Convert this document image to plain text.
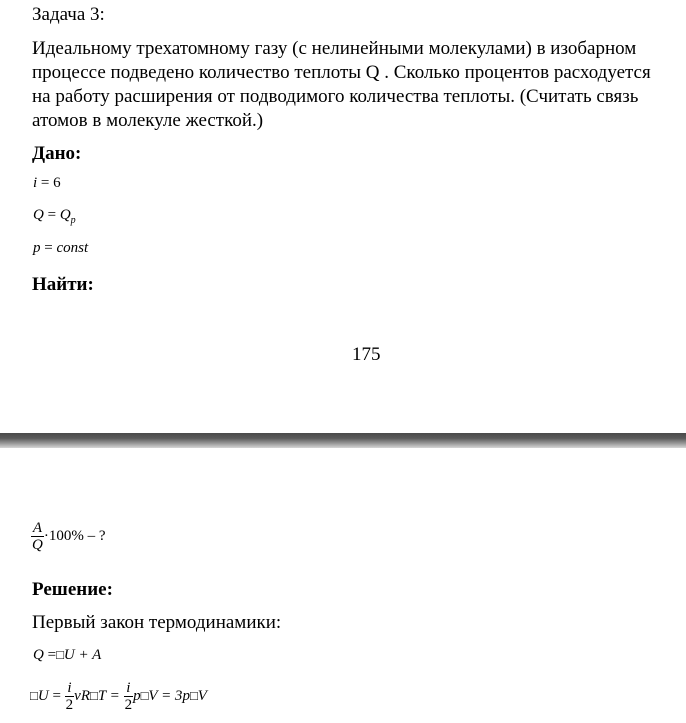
Задача 3:
Идеальному трехатомному газу (с нелинейными молекулами) в изобарном
процессе подведено количество теплоты Q . Сколько процентов расходуется
на работу расширения от подводимого количества теплоты. (Считать связь
атомов в молекуле жесткой.)
Дано:
i = 6
$Q = Q_p$
p = const
Найти:
175
$\frac{A}{Q} \cdot 100\%$ – ?
Решение:
Первый закон термодинамики:
Q =□U + A
□U = $\frac{i}{2}$ νR□T = $\frac{i}{2}$ p□V = 3p□V
